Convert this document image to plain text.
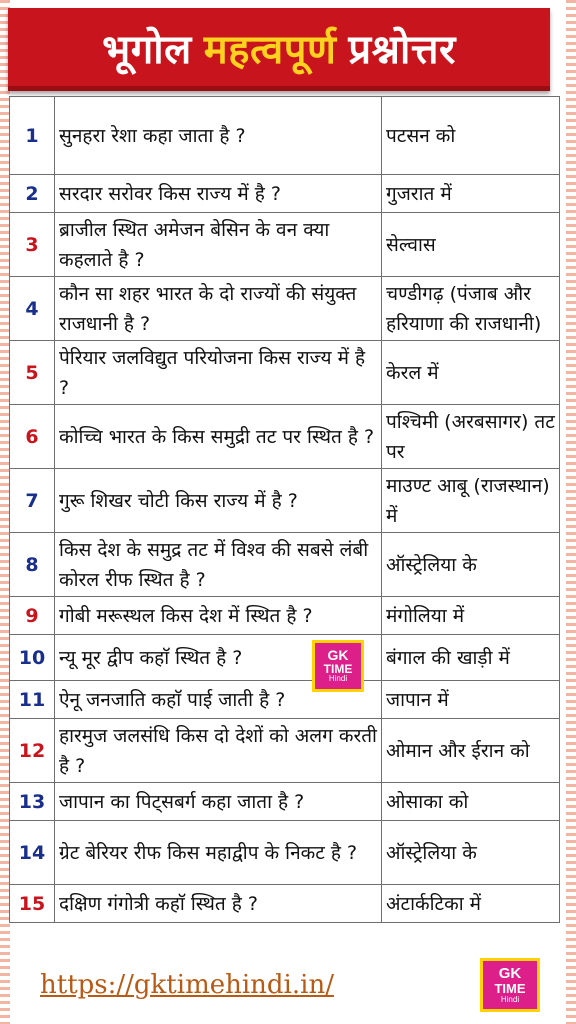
भूगोल महत्वपूर्ण प्रश्नोत्तर
1	सुनहरा रेशा कहा जाता है ?	पटसन को
2	सरदार सरोवर किस राज्य में है ?	गुजरात में
3	ब्राजील स्थित अमेजन बेसिन के वन क्या कहलाते है ?	सेल्वास
4	कौन सा शहर भारत के दो राज्यों की संयुक्त राजधानी है ?	चण्डीगढ़ (पंजाब और हरियाणा की राजधानी)
5	पेरियार जलविद्युत परियोजना किस राज्य में है ?	केरल में
6	कोच्चि भारत के किस समुद्री तट पर स्थित है ?	पश्चिमी (अरबसागर) तट पर
7	गुरू शिखर चोटी किस राज्य में है ?	माउण्ट आबू (राजस्थान) में
8	किस देश के समुद्र तट में विश्व की सबसे लंबी कोरल रीफ स्थित है ?	ऑस्ट्रेलिया के
9	गोबी मरूस्थल किस देश में स्थित है ?	मंगोलिया में
10	न्यू मूर द्वीप कहाॅ स्थित है ?	बंगाल की खाड़ी में
11	ऐनू जनजाति कहाॅ पाई जाती है ?	जापान में
12	हारमुज जलसंधि किस दो देशों को अलग करती है ?	ओमान और ईरान को
13	जापान का पिट्सबर्ग कहा जाता है ?	ओसाका को
14	ग्रेट बेरियर रीफ किस महाद्वीप के निकट है ?	ऑस्ट्रेलिया के
15	दक्षिण गंगोत्री कहाॅ स्थित है ?	अंटार्कटिका में
GK
TIME
Hindi
https://gktimehindi.in/	GK
TIME
Hindi
